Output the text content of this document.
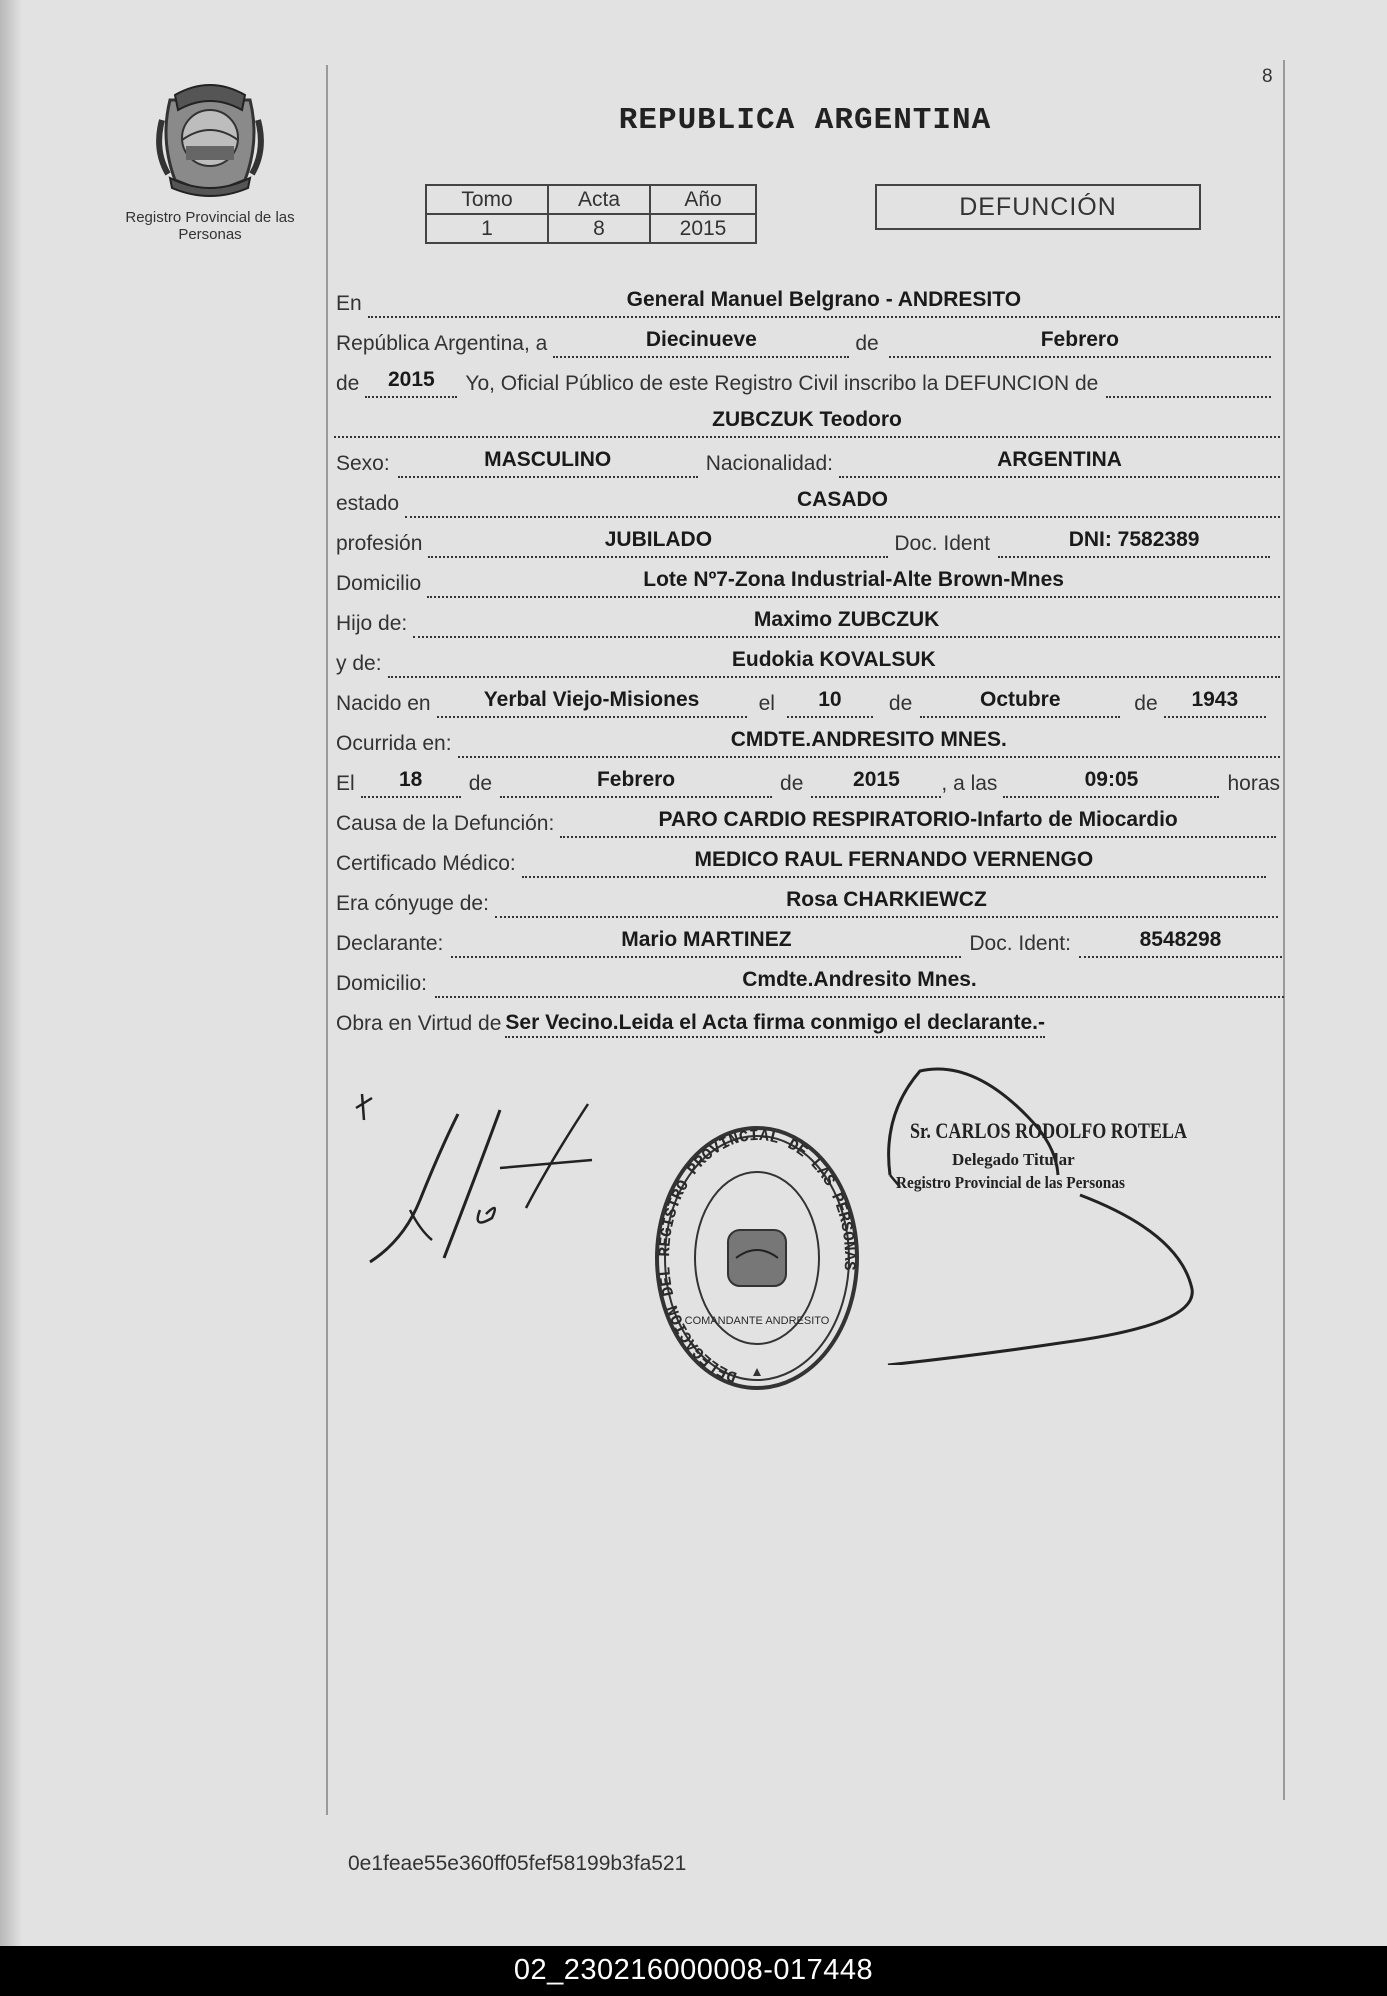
Registro Provincial de las Personas
8
REPUBLICA ARGENTINA
Tomo	Acta	Año
1	8	2015
DEFUNCIÓN
En	General Manuel Belgrano - ANDRESITO
República Argentina, a	Diecinueve	de	Febrero
de	2015	Yo, Oficial Público de este Registro Civil inscribo la DEFUNCION de
ZUBCZUK Teodoro
Sexo:	MASCULINO	Nacionalidad:	ARGENTINA
estado	CASADO
profesión	JUBILADO	Doc. Ident	DNI: 7582389
Domicilio	Lote Nº7-Zona Industrial-Alte Brown-Mnes
Hijo de:	Maximo ZUBCZUK
y de:	Eudokia KOVALSUK
Nacido en	Yerbal Viejo-Misiones	el	10	de	Octubre	de	1943
Ocurrida en:	CMDTE.ANDRESITO MNES.
El	18	de	Febrero	de	2015	, a las	09:05	horas
Causa de la Defunción:	PARO CARDIO RESPIRATORIO-Infarto de Miocardio
Certificado Médico:	MEDICO RAUL FERNANDO VERNENGO
Era cónyuge de:	Rosa CHARKIEWCZ
Declarante:	Mario MARTINEZ	Doc. Ident:	8548298
Domicilio:	Cmdte.Andresito Mnes.
Obra en Virtud de Ser Vecino.Leida el Acta firma conmigo el declarante.-
DELEGACION DEL REGISTRO PROVINCIAL DE LAS PERSONAS
COMANDANTE ANDRESITO
Sr. CARLOS RODOLFO ROTELA
Delegado Titular
Registro Provincial de las Personas
0e1feae55e360ff05fef58199b3fa521
02_230216000008-017448
